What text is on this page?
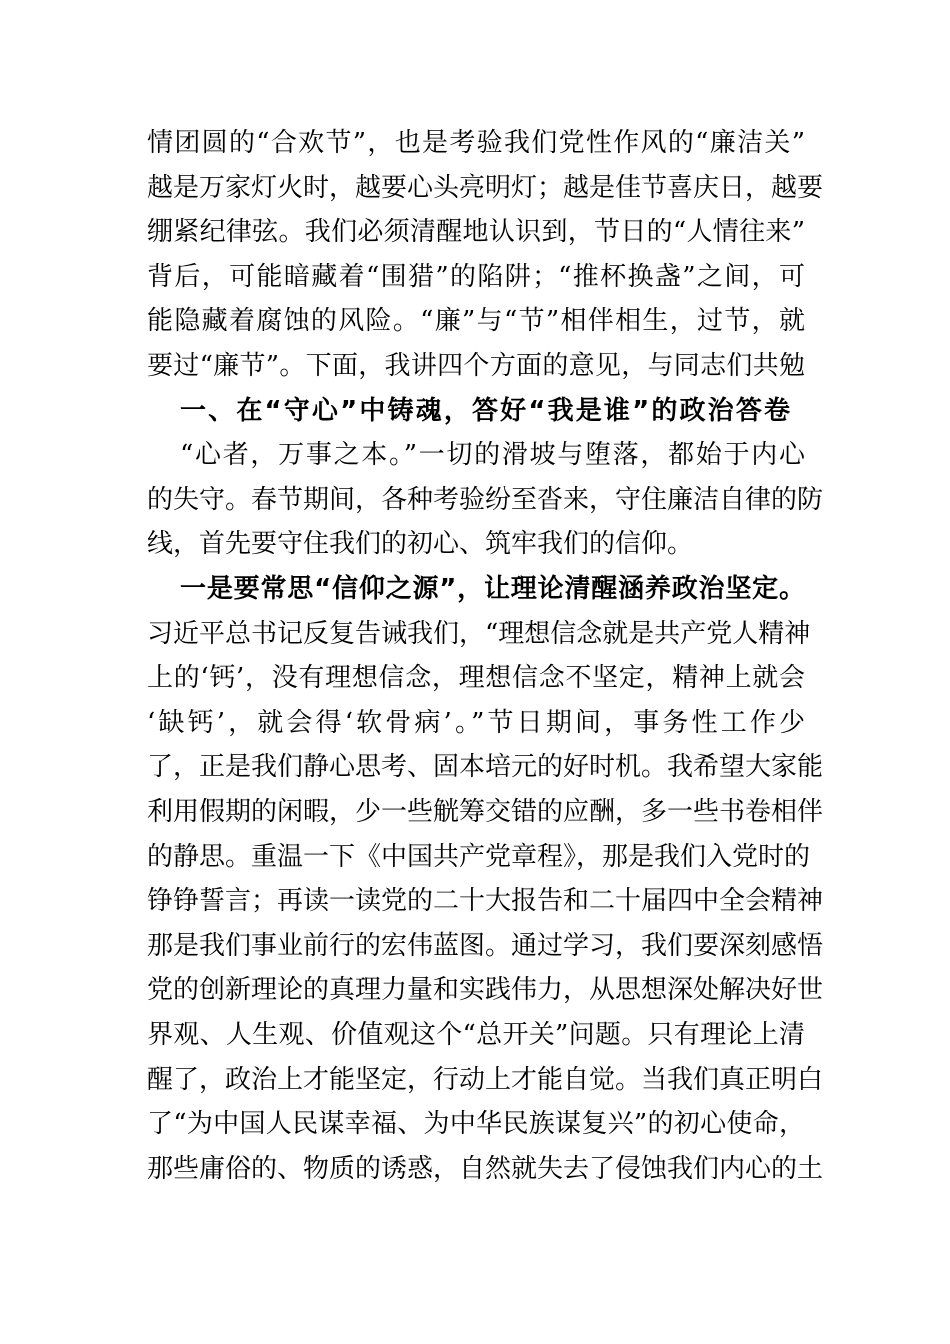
情团圆的“合欢节”，也是考验我们党性作风的“廉洁关”
越是万家灯火时，越要心头亮明灯；越是佳节喜庆日，越要
绷紧纪律弦。我们必须清醒地认识到，节日的“人情往来”
背后，可能暗藏着“围猎”的陷阱；“推杯换盏”之间，可
能隐藏着腐蚀的风险。“廉”与“节”相伴相生，过节，就
要过“廉节”。下面，我讲四个方面的意见，与同志们共勉
一、在“守心”中铸魂，答好“我是谁”的政治答卷
“心者，万事之本。”一切的滑坡与堕落，都始于内心
的失守。春节期间，各种考验纷至沓来，守住廉洁自律的防
线，首先要守住我们的初心、筑牢我们的信仰。
一是要常思“信仰之源”，让理论清醒涵养政治坚定。
习近平总书记反复告诫我们，“理想信念就是共产党人精神
上的‘钙’，没有理想信念，理想信念不坚定，精神上就会
‘缺钙’，就会得‘软骨病’。”节日期间，事务性工作少
了，正是我们静心思考、固本培元的好时机。我希望大家能
利用假期的闲暇，少一些觥筹交错的应酬，多一些书卷相伴
的静思。重温一下《中国共产党章程》，那是我们入党时的
铮铮誓言；再读一读党的二十大报告和二十届四中全会精神
那是我们事业前行的宏伟蓝图。通过学习，我们要深刻感悟
党的创新理论的真理力量和实践伟力，从思想深处解决好世
界观、人生观、价值观这个“总开关”问题。只有理论上清
醒了，政治上才能坚定，行动上才能自觉。当我们真正明白
了“为中国人民谋幸福、为中华民族谋复兴”的初心使命，
那些庸俗的、物质的诱惑，自然就失去了侵蚀我们内心的土
